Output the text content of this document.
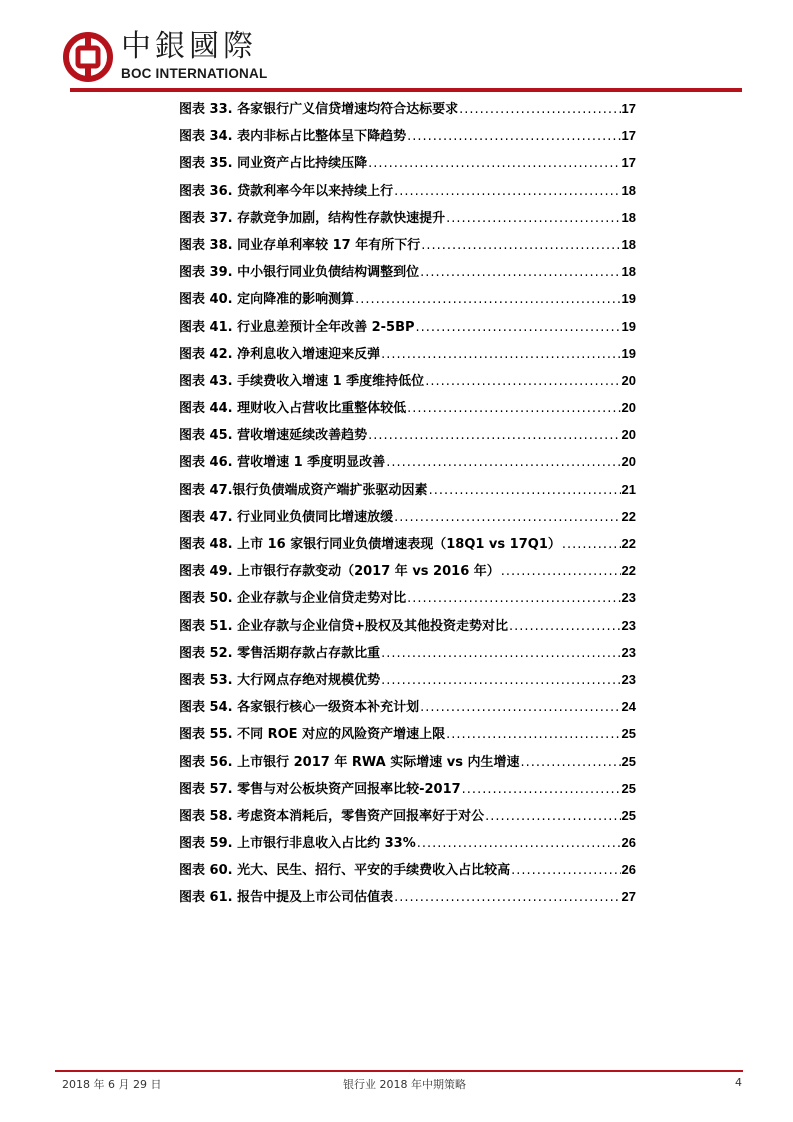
中銀國際
BOC INTERNATIONAL
图表 33. 各家银行广义信贷增速均符合达标要求 .....	17
图表 34. 表内非标占比整体呈下降趋势 .....	17
图表 35. 同业资产占比持续压降 .....	17
图表 36. 贷款利率今年以来持续上行 .....	18
图表 37. 存款竞争加剧，结构性存款快速提升 .....	18
图表 38. 同业存单利率较 17 年有所下行 .....	18
图表 39. 中小银行同业负债结构调整到位 .....	18
图表 40. 定向降准的影响测算 .....	19
图表 41. 行业息差预计全年改善 2-5BP .....	19
图表 42. 净利息收入增速迎来反弹 .....	19
图表 43. 手续费收入增速 1 季度维持低位 .....	20
图表 44. 理财收入占营收比重整体较低 .....	20
图表 45. 营收增速延续改善趋势 .....	20
图表 46. 营收增速 1 季度明显改善 .....	20
图表 47.银行负债端成资产端扩张驱动因素 .....	21
图表 47. 行业同业负债同比增速放缓 .....	22
图表 48. 上市 16 家银行同业负债增速表现（18Q1 vs 17Q1） .....	22
图表 49. 上市银行存款变动（2017 年 vs 2016 年） .....	22
图表 50. 企业存款与企业信贷走势对比 .....	23
图表 51. 企业存款与企业信贷+股权及其他投资走势对比 .....	23
图表 52. 零售活期存款占存款比重 .....	23
图表 53. 大行网点存绝对规模优势 .....	23
图表 54. 各家银行核心一级资本补充计划 .....	24
图表 55. 不同 ROE 对应的风险资产增速上限 .....	25
图表 56. 上市银行 2017 年 RWA 实际增速 vs 内生增速 .....	25
图表 57. 零售与对公板块资产回报率比较-2017 .....	25
图表 58. 考虑资本消耗后，零售资产回报率好于对公 .....	25
图表 59. 上市银行非息收入占比约 33% .....	26
图表 60. 光大、民生、招行、平安的手续费收入占比较高 .....	26
图表 61. 报告中提及上市公司估值表 .....	27
2018 年 6 月 29 日	银行业 2018 年中期策略	4
